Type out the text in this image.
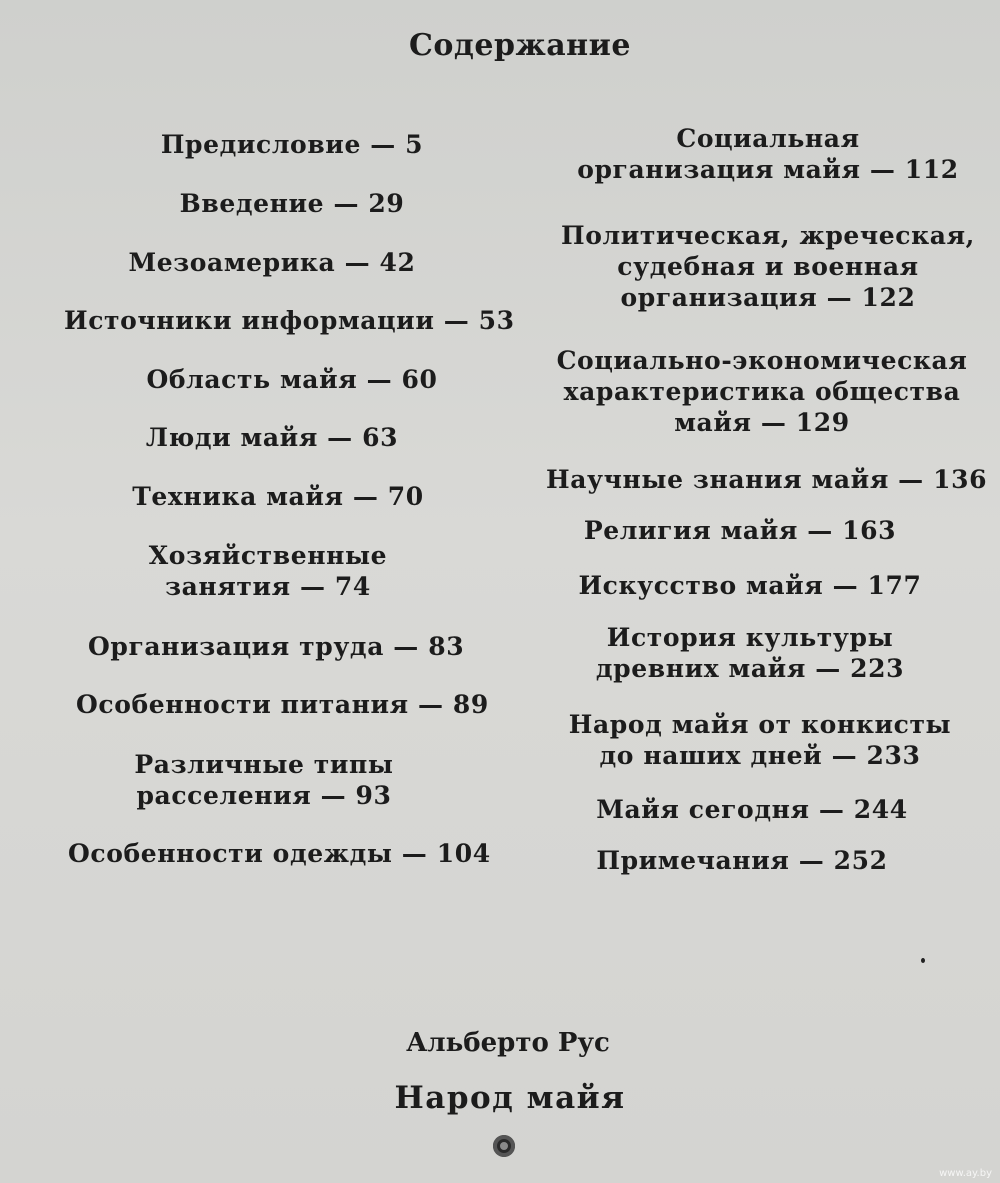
Содержание
Предисловие — 5
Введение — 29
Мезоамерика — 42
Источники информации — 53
Область майя — 60
Люди майя — 63
Техника майя — 70
Хозяйственные
занятия — 74
Организация труда — 83
Особенности питания — 89
Различные типы
расселения — 93
Особенности одежды — 104
Социальная
организация майя — 112
Политическая, жреческая,
судебная и военная
организация — 122
Социально-экономическая
характеристика общества
майя — 129
Научные знания майя — 136
Религия майя — 163
Искусство майя — 177
История культуры
древних майя — 223
Народ майя от конкисты
до наших дней — 233
Майя сегодня — 244
Примечания — 252
Альберто Рус
Народ майя
www.ay.by
